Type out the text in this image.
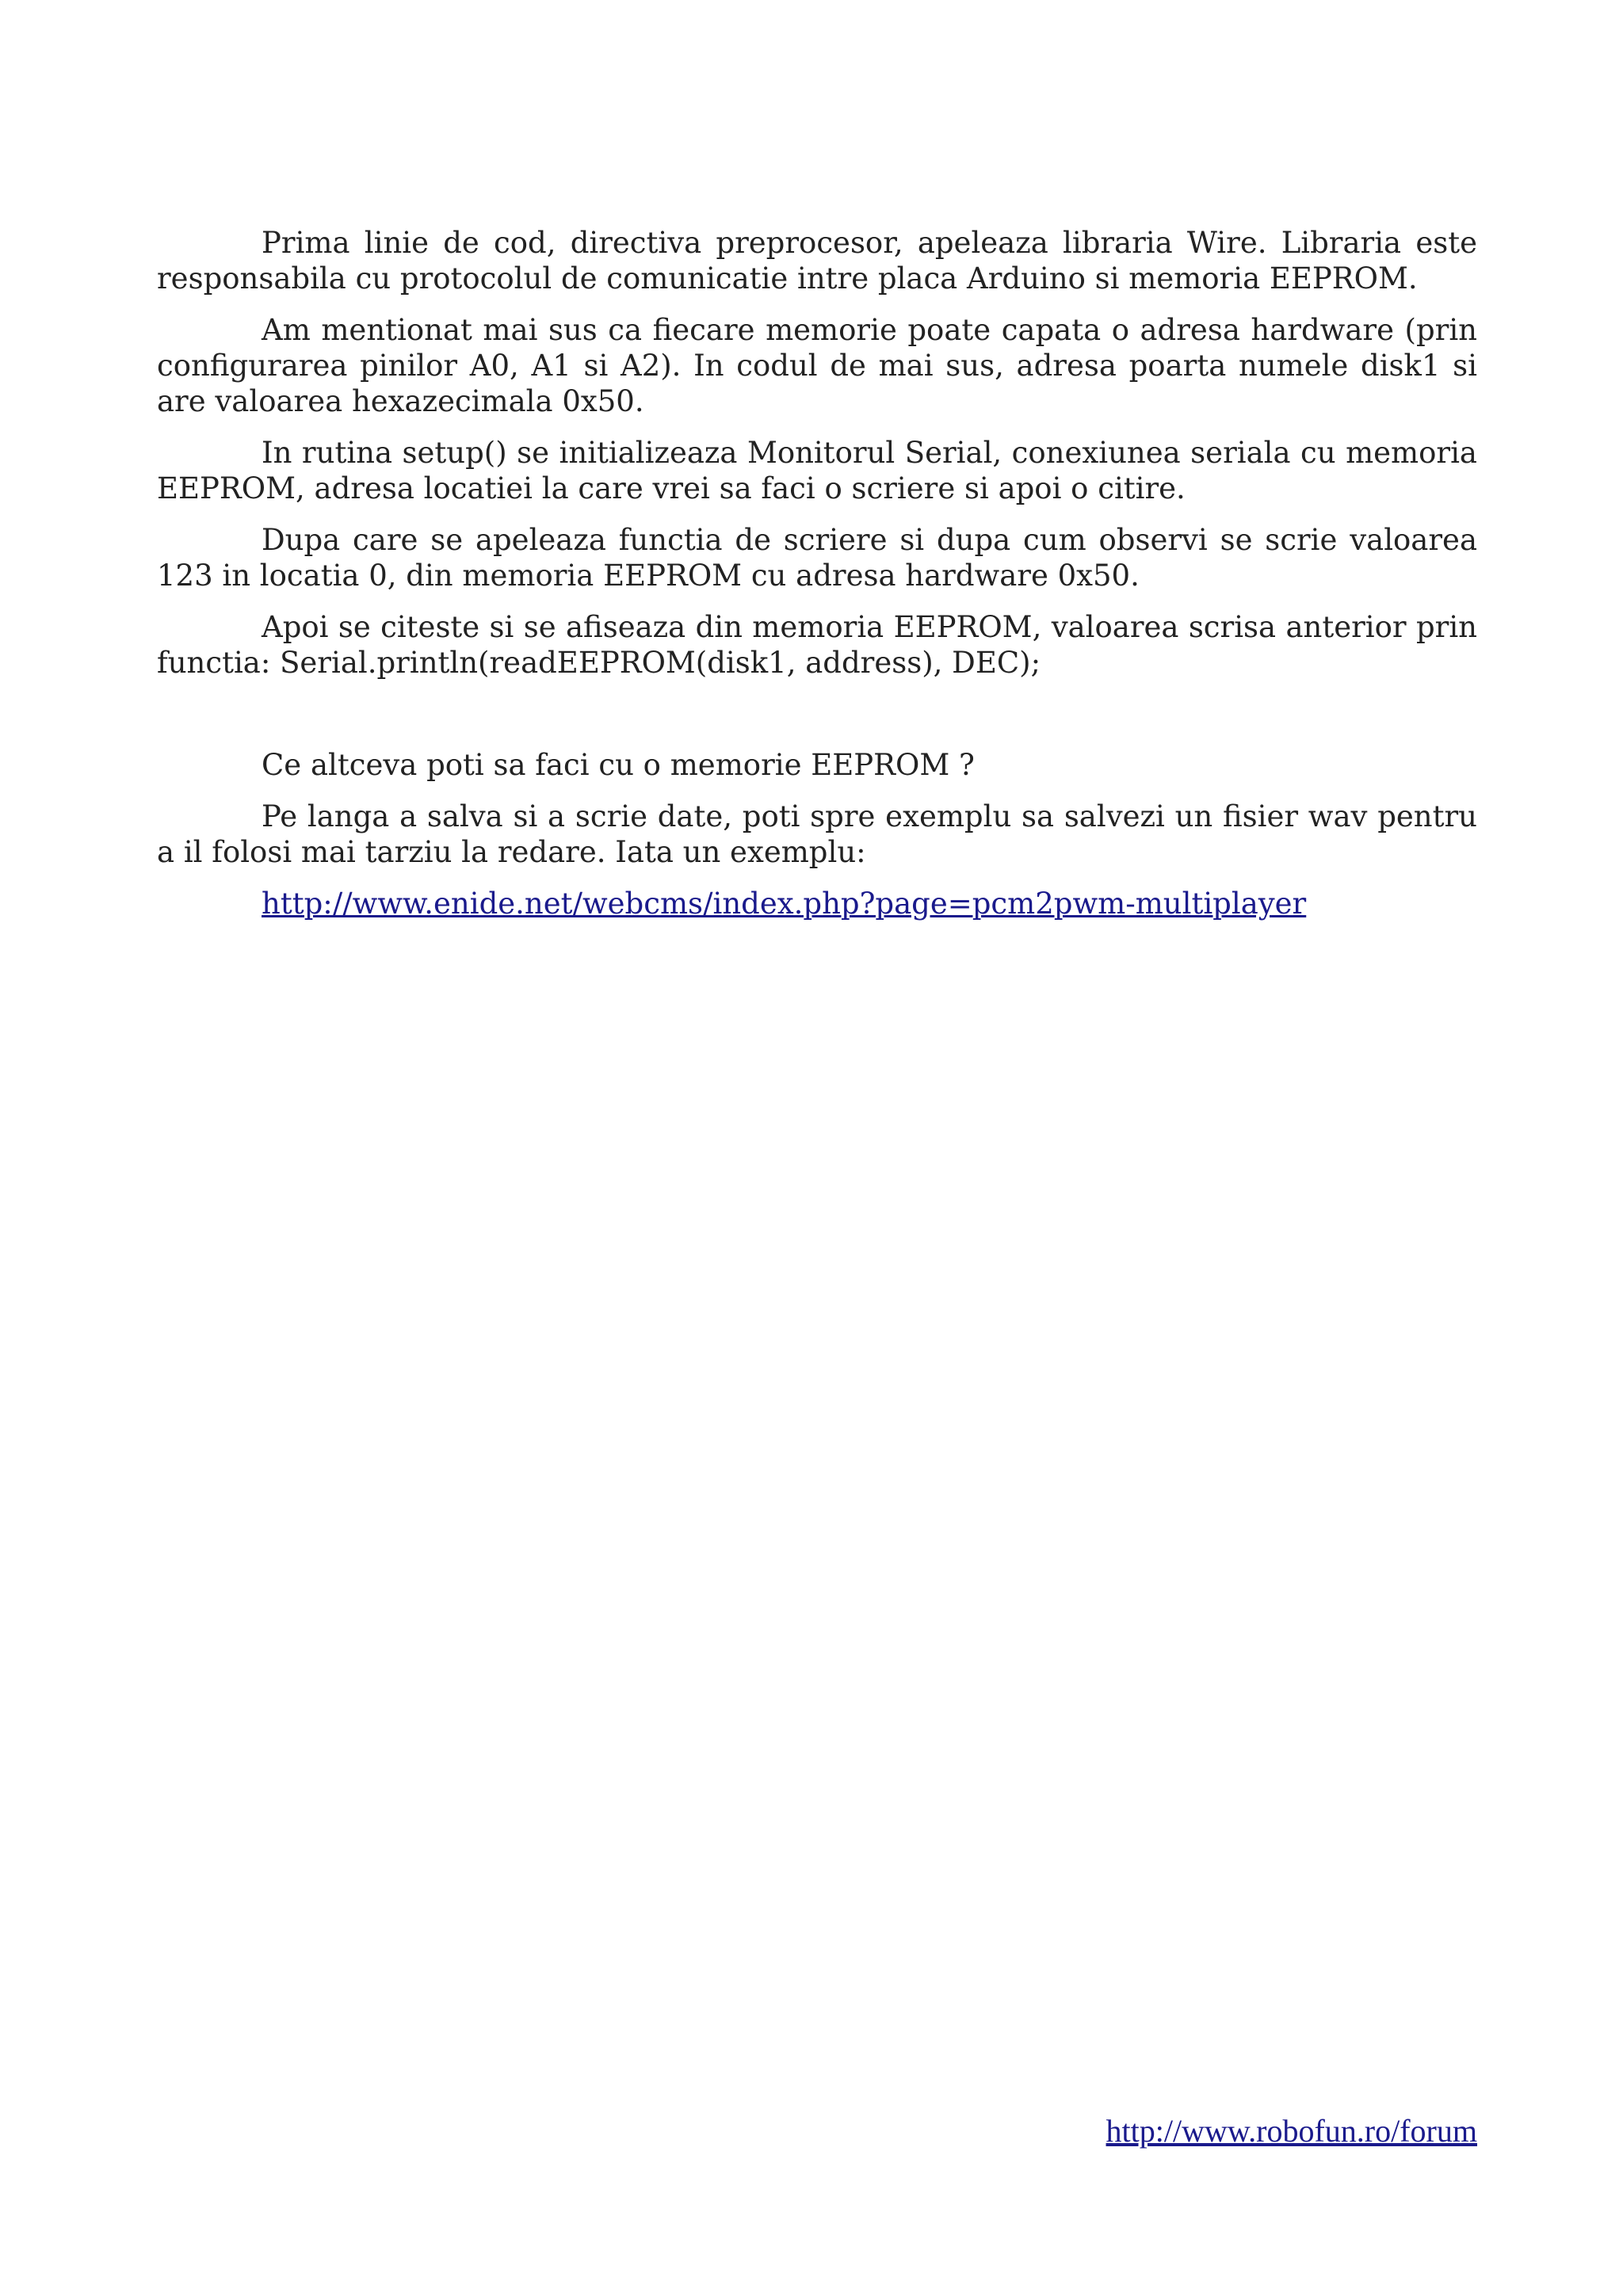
Prima linie de cod, directiva preprocesor, apeleaza libraria Wire. Libraria este responsabila cu protocolul de comunicatie intre placa Arduino si memoria EEPROM.

Am mentionat mai sus ca fiecare memorie poate capata o adresa hardware (prin configurarea pinilor A0, A1 si A2). In codul de mai sus, adresa poarta numele disk1 si are valoarea hexazecimala 0x50.

In rutina setup() se initializeaza Monitorul Serial, conexiunea seriala cu memoria EEPROM, adresa locatiei la care vrei sa faci o scriere si apoi o citire.

Dupa care se apeleaza functia de scriere si dupa cum observi se scrie valoarea 123 in locatia 0, din memoria EEPROM cu adresa hardware 0x50.

Apoi se citeste si se afiseaza din memoria EEPROM, valoarea scrisa anterior prin functia: Serial.println(readEEPROM(disk1, address), DEC);

Ce altceva poti sa faci cu o memorie EEPROM ?

Pe langa a salva si a scrie date, poti spre exemplu sa salvezi un fisier wav pentru a il folosi mai tarziu la redare. Iata un exemplu:

http://www.enide.net/webcms/index.php?page=pcm2pwm-multiplayer

http://www.robofun.ro/forum
